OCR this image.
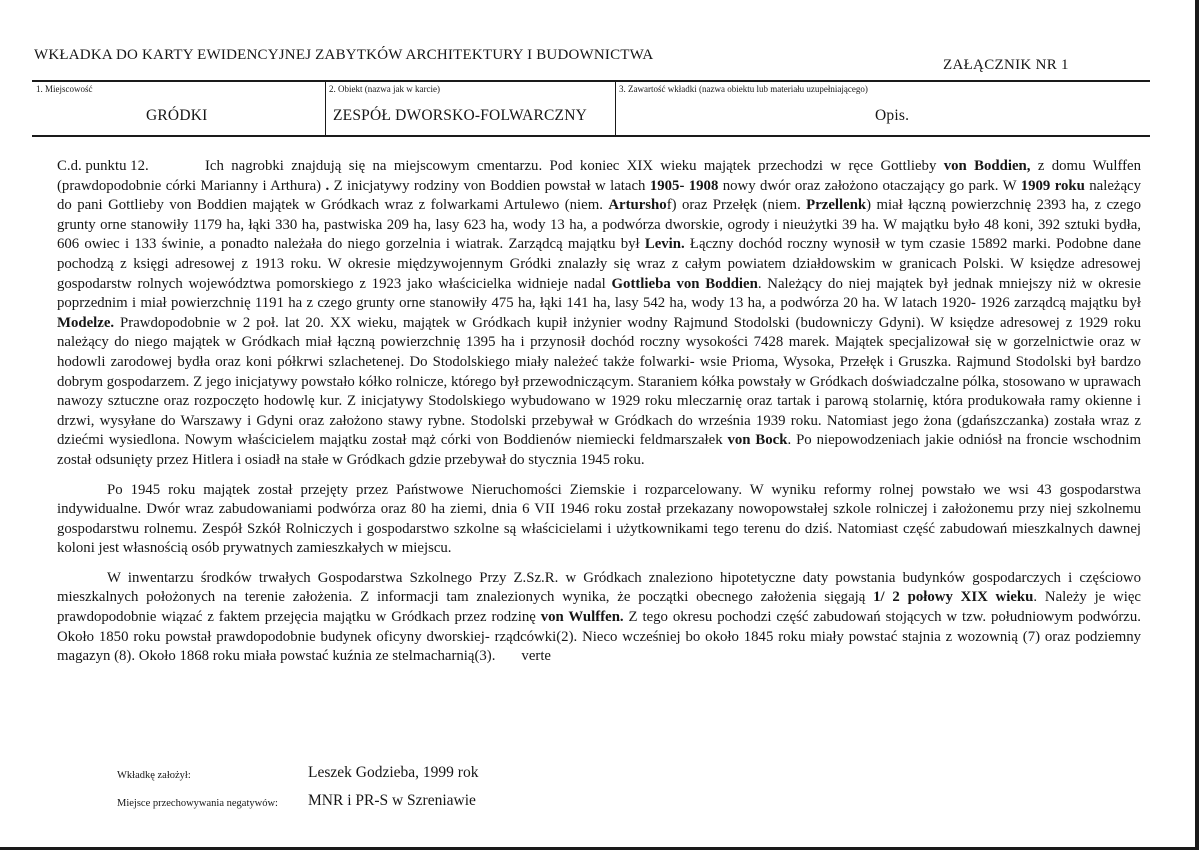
WKŁADKA DO KARTY EWIDENCYJNEJ ZABYTKÓW ARCHITEKTURY I BUDOWNICTWA
ZAŁĄCZNIK NR 1
1. Miejscowość
GRÓDKI
2. Obiekt (nazwa jak w karcie)
ZESPÓŁ DWORSKO-FOLWARCZNY
3. Zawartość wkładki (nazwa obiektu lub materiału uzupełniającego)
Opis.

C.d. punktu 12.	Ich nagrobki znajdują się na miejscowym cmentarzu. Pod koniec XIX wieku majątek przechodzi w ręce Gottlieby von Boddien, z domu Wulffen (prawdopodobnie córki Marianny i Arthura) . Z inicjatywy rodziny von Boddien powstał w latach 1905- 1908 nowy dwór oraz założono otaczający go park. W 1909 roku należący do pani Gottlieby von Boddien majątek w Gródkach wraz z folwarkami Artulewo (niem. Arturshof) oraz Przełęk (niem. Przellenk) miał łączną powierzchnię 2393 ha, z czego grunty orne stanowiły 1179 ha, łąki 330 ha, pastwiska 209 ha, lasy 623 ha, wody 13 ha, a podwórza dworskie, ogrody i nieużytki 39 ha. W majątku było 48 koni, 392 sztuki bydła, 606 owiec i 133 świnie, a ponadto należała do niego gorzelnia i wiatrak. Zarządcą majątku był Levin. Łączny dochód roczny wynosił w tym czasie 15892 marki. Podobne dane pochodzą z księgi adresowej z 1913 roku. W okresie międzywojennym Gródki znalazły się wraz z całym powiatem działdowskim w granicach Polski. W księdze adresowej gospodarstw rolnych województwa pomorskiego z 1923 jako właścicielka widnieje nadal Gottlieba von Boddien. Należący do niej majątek był jednak mniejszy niż w okresie poprzednim i miał powierzchnię 1191 ha z czego grunty orne stanowiły 475 ha, łąki 141 ha, lasy 542 ha, wody 13 ha, a podwórza 20 ha. W latach 1920- 1926 zarządcą majątku był Modelze. Prawdopodobnie w 2 poł. lat 20. XX wieku, majątek w Gródkach kupił inżynier wodny Rajmund Stodolski (budowniczy Gdyni). W księdze adresowej z 1929 roku należący do niego majątek w Gródkach miał łączną powierzchnię 1395 ha i przynosił dochód roczny wysokości 7428 marek. Majątek specjalizował się w gorzelnictwie oraz w hodowli zarodowej bydła oraz koni półkrwi szlachetenej. Do Stodolskiego miały należeć także folwarki- wsie Prioma, Wysoka, Przełęk i Gruszka. Rajmund Stodolski był bardzo dobrym gospodarzem. Z jego inicjatywy powstało kółko rolnicze, którego był przewodniczącym. Staraniem kółka powstały w Gródkach doświadczalne pólka, stosowano w uprawach nawozy sztuczne oraz rozpoczęto hodowlę kur. Z inicjatywy Stodolskiego wybudowano w 1929 roku mleczarnię oraz tartak i parową stolarnię, która produkowała ramy okienne i drzwi, wysyłane do Warszawy i Gdyni oraz założono stawy rybne. Stodolski przebywał w Gródkach do września 1939 roku. Natomiast jego żona (gdańszczanka) została wraz z dziećmi wysiedlona. Nowym właścicielem majątku został mąż córki von Boddienów niemiecki feldmarszałek von Bock. Po niepowodzeniach jakie odniósł na froncie wschodnim został odsunięty przez Hitlera i osiadł na stałe w Gródkach gdzie przebywał do stycznia 1945 roku.

Po 1945 roku majątek został przejęty przez Państwowe Nieruchomości Ziemskie i rozparcelowany. W wyniku reformy rolnej powstało we wsi 43 gospodarstwa indywidualne. Dwór wraz zabudowaniami podwórza oraz 80 ha ziemi, dnia 6 VII 1946 roku został przekazany nowopowstałej szkole rolniczej i założonemu przy niej szkolnemu gospodarstwu rolnemu. Zespół Szkół Rolniczych i gospodarstwo szkolne są właścicielami i użytkownikami tego terenu do dziś. Natomiast część zabudowań mieszkalnych dawnej koloni jest własnością osób prywatnych zamieszkałych w miejscu.

W inwentarzu środków trwałych Gospodarstwa Szkolnego Przy Z.Sz.R. w Gródkach znaleziono hipotetyczne daty powstania budynków gospodarczych i częściowo mieszkalnych położonych na terenie założenia. Z informacji tam znalezionych wynika, że początki obecnego założenia sięgają 1/ 2 połowy XIX wieku. Należy je więc prawdopodobnie wiązać z faktem przejęcia majątku w Gródkach przez rodzinę von Wulffen. Z tego okresu pochodzi część zabudowań stojących w tzw. południowym podwórzu. Około 1850 roku powstał prawdopodobnie budynek oficyny dworskiej- rządcówki(2). Nieco wcześniej bo około 1845 roku miały powstać stajnia z wozownią (7) oraz podziemny magazyn (8). Około 1868 roku miała powstać kuźnia ze stelmacharnią(3). verte

Wkładkę założył:	Leszek Godzieba, 1999 rok
Miejsce przechowywania negatywów: MNR i PR-S w Szreniawie
